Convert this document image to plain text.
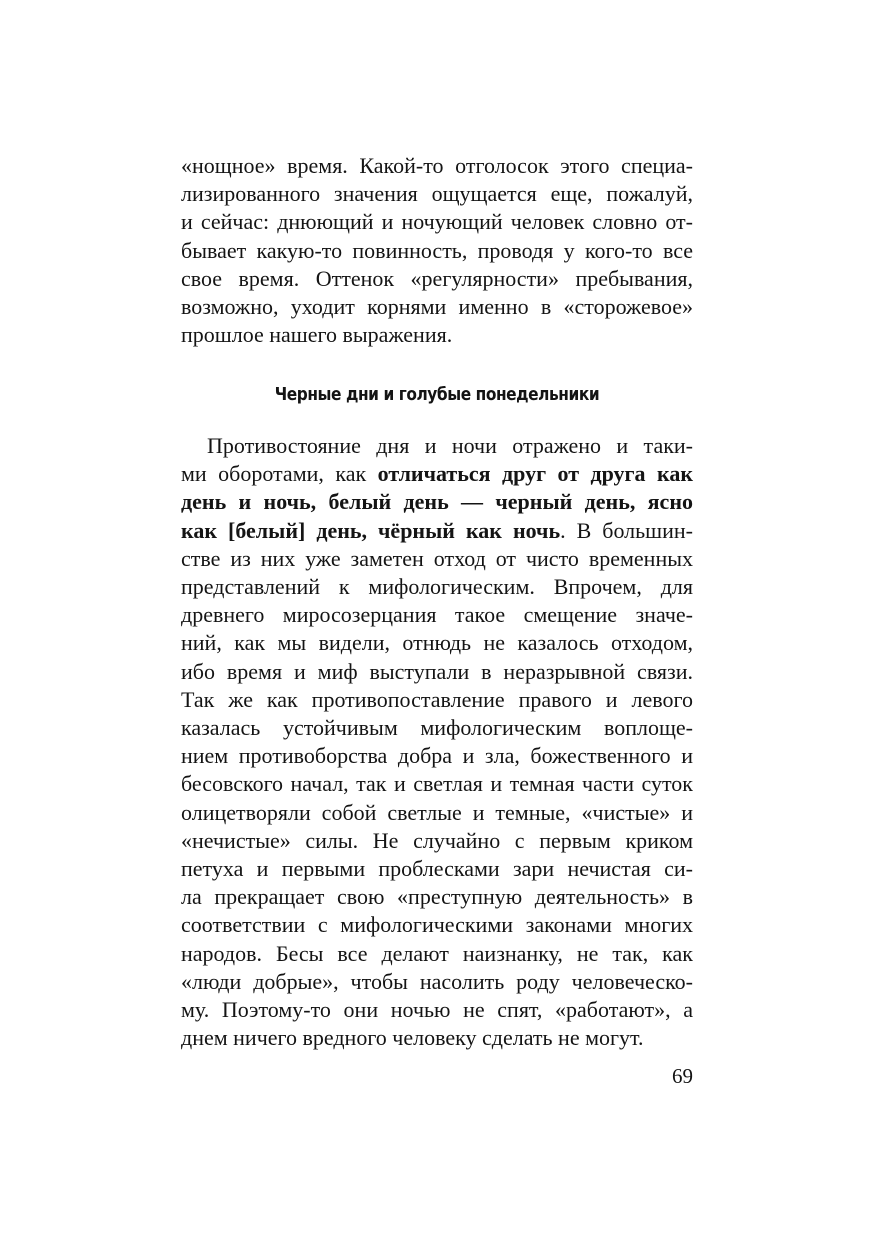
«нощное» время. Какой-то отголосок этого специа-
лизированного значения ощущается еще, пожалуй,
и сейчас: днюющий и ночующий человек словно от-
бывает какую-то повинность, проводя у кого-то все
свое время. Оттенок «регулярности» пребывания,
возможно, уходит корнями именно в «сторожевое»
прошлое нашего выражения.
Черные дни и голубые понедельники
Противостояние дня и ночи отражено и таки-
ми оборотами, как отличаться друг от друга как
день и ночь, белый день — черный день, ясно
как [белый] день, чёрный как ночь. В большин-
стве из них уже заметен отход от чисто временных
представлений к мифологическим. Впрочем, для
древнего миросозерцания такое смещение значе-
ний, как мы видели, отнюдь не казалось отходом,
ибо время и миф выступали в неразрывной связи.
Так же как противопоставление правого и левого
казалась устойчивым мифологическим воплоще-
нием противоборства добра и зла, божественного и
бесовского начал, так и светлая и темная части суток
олицетворяли собой светлые и темные, «чистые» и
«нечистые» силы. Не случайно с первым криком
петуха и первыми проблесками зари нечистая си-
ла прекращает свою «преступную деятельность» в
соответствии с мифологическими законами многих
народов. Бесы все делают наизнанку, не так, как
«люди добрые», чтобы насолить роду человеческо-
му. Поэтому-то они ночью не спят, «работают», а
днем ничего вредного человеку сделать не могут.
69
